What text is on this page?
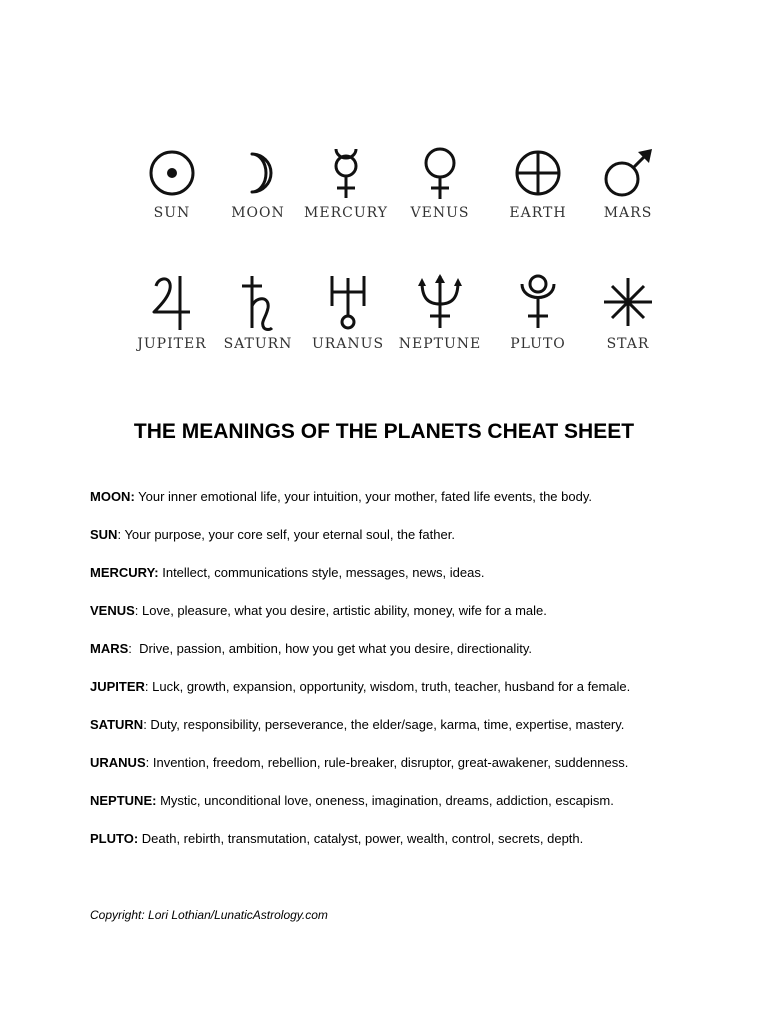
SUN	MOON	MERCURY	VENUS	EARTH	MARS
JUPITER	SATURN	URANUS	NEPTUNE	PLUTO	STAR
THE MEANINGS OF THE PLANETS CHEAT SHEET
MOON: Your inner emotional life, your intuition, your mother, fated life events, the body.
SUN: Your purpose, your core self, your eternal soul, the father.
MERCURY: Intellect, communications style, messages, news, ideas.
VENUS: Love, pleasure, what you desire, artistic ability, money, wife for a male.
MARS:  Drive, passion, ambition, how you get what you desire, directionality.
JUPITER: Luck, growth, expansion, opportunity, wisdom, truth, teacher, husband for a female.
SATURN: Duty, responsibility, perseverance, the elder/sage, karma, time, expertise, mastery.
URANUS: Invention, freedom, rebellion, rule-breaker, disruptor, great-awakener, suddenness.
NEPTUNE: Mystic, unconditional love, oneness, imagination, dreams, addiction, escapism.
PLUTO: Death, rebirth, transmutation, catalyst, power, wealth, control, secrets, depth.
Copyright: Lori Lothian/LunaticAstrology.com
